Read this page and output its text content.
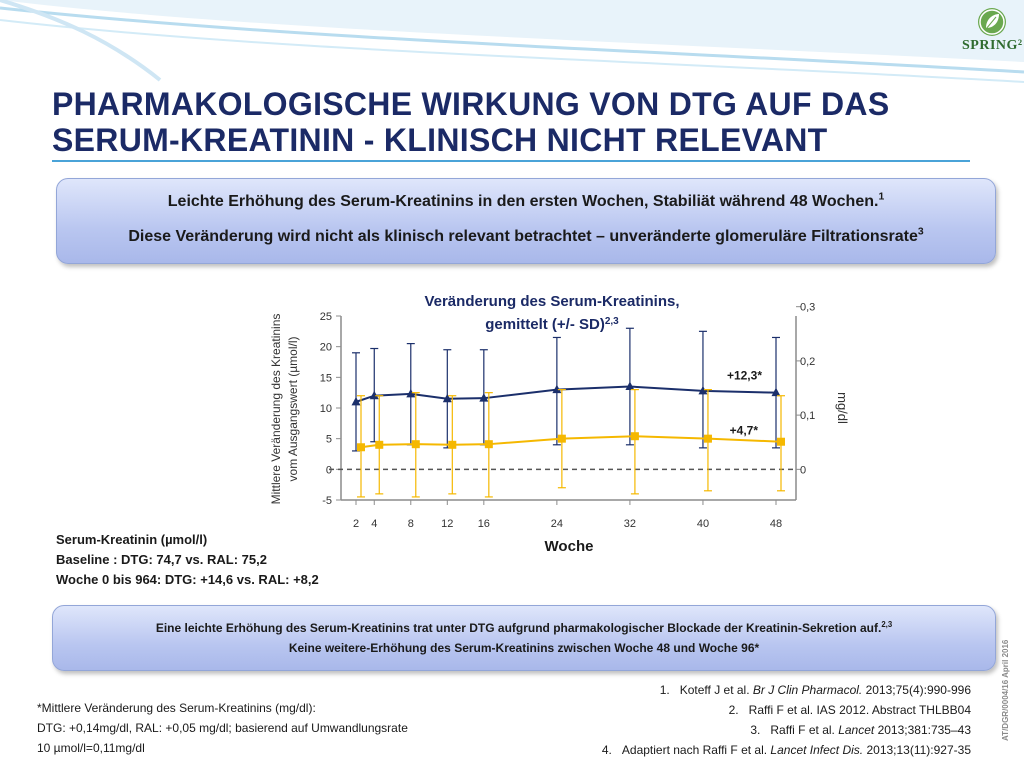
SPRING²
PHARMAKOLOGISCHE WIRKUNG VON DTG AUF DAS
SERUM-KREATININ - KLINISCH NICHT RELEVANT
Leichte Erhöhung des Serum-Kreatinins in den ersten Wochen, Stabiliät während 48 Wochen.$^1$
Diese Veränderung wird nicht als klinisch relevant betrachtet – unveränderte glomeruläre Filtrationsrate$^3$
25
20
15
10
5
0
-5
0,3
0,2
0,1
0
2 4	8 12 16	24	32	40	48
+12,3*
+4,7*
Veränderung des Serum-Kreatinins,
gemittelt (+/- SD)$^{2,3}$
Woche
Mittlere Veränderung des Kreatinins vom Ausgangswert (µmol/l)	mg/dl
Serum-Kreatinin (µmol/l)
Baseline : DTG: 74,7 vs. RAL: 75,2
Woche 0 bis 964: DTG: +14,6 vs. RAL: +8,2
Eine leichte Erhöhung des Serum-Kreatinins trat unter DTG aufgrund pharmakologischer Blockade der Kreatinin-Sekretion auf.$^{2,3}$
Keine weitere-Erhöhung des Serum-Kreatinins zwischen Woche 48 und Woche 96*
*Mittlere Veränderung des Serum-Kreatinins (mg/dl):
DTG: +0,14mg/dl, RAL: +0,05 mg/dl; basierend auf Umwandlungsrate
10 µmol/l=0,11mg/dl
1. Koteff J et al. Br J Clin Pharmacol. 2013;75(4):990-996
2. Raffi F et al. IAS 2012. Abstract THLBB04
3. Raffi F et al. Lancet 2013;381:735–43
4. Adaptiert nach Raffi F et al. Lancet Infect Dis. 2013;13(11):927-35
AT/DGR/0004/16 April 2016
